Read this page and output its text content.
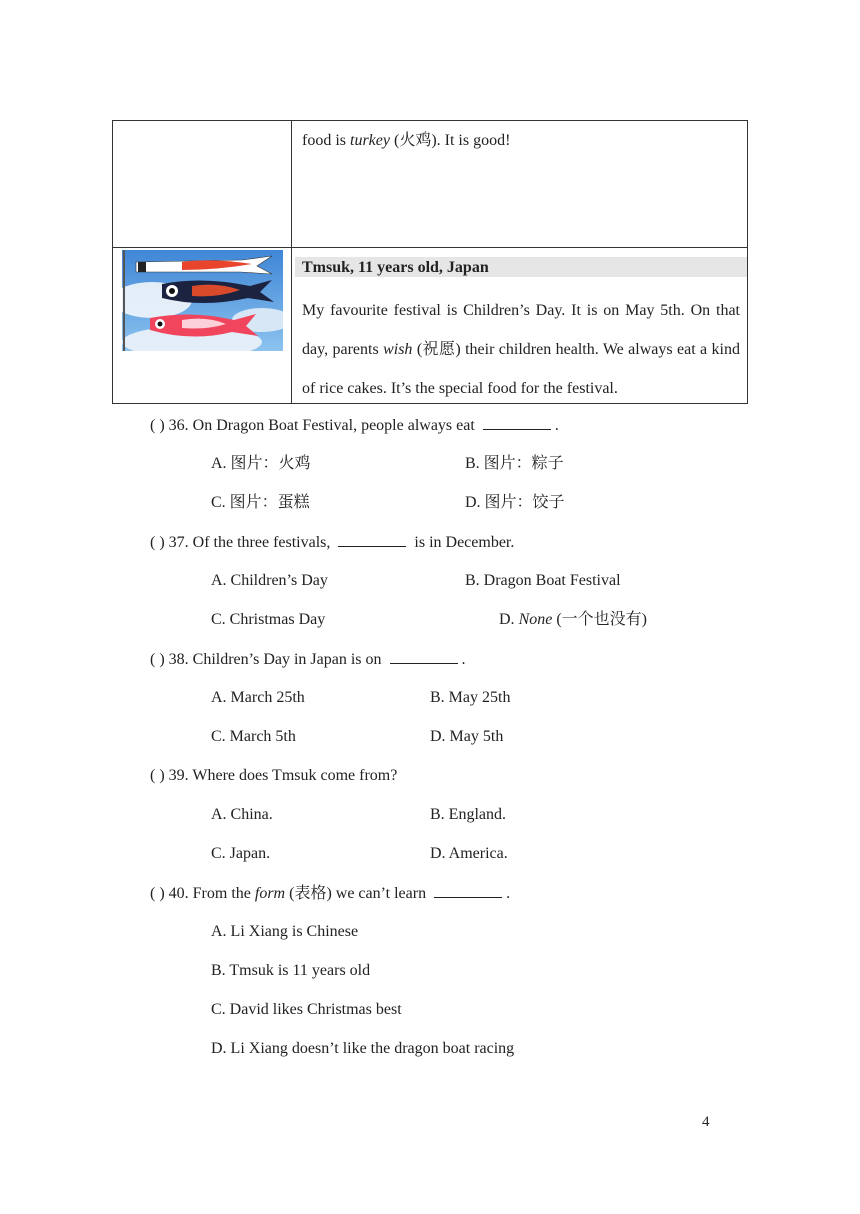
food is turkey (火鸡). It is good!
Tmsuk, 11 years old, Japan
My favourite festival is Children’s Day. It is on May 5th. On that day, parents wish (祝愿) their children health. We always eat a kind of rice cakes. It’s the special food for the festival.
( ) 36. On Dragon Boat Festival, people always eat	.
A. 图片：火鸡	B. 图片：粽子
C. 图片：蛋糕	D. 图片：饺子
( ) 37. Of the three festivals,	is in December.
A. Children’s Day	B. Dragon Boat Festival
C. Christmas Day	D. None (一个也没有)
( ) 38. Children’s Day in Japan is on	.
A. March 25th	B. May 25th
C. March 5th	D. May 5th
( ) 39. Where does Tmsuk come from?
A. China.	B. England.
C. Japan.	D. America.
( ) 40. From the form (表格) we can’t learn	.
A. Li Xiang is Chinese
B. Tmsuk is 11 years old
C. David likes Christmas best
D. Li Xiang doesn’t like the dragon boat racing
4
